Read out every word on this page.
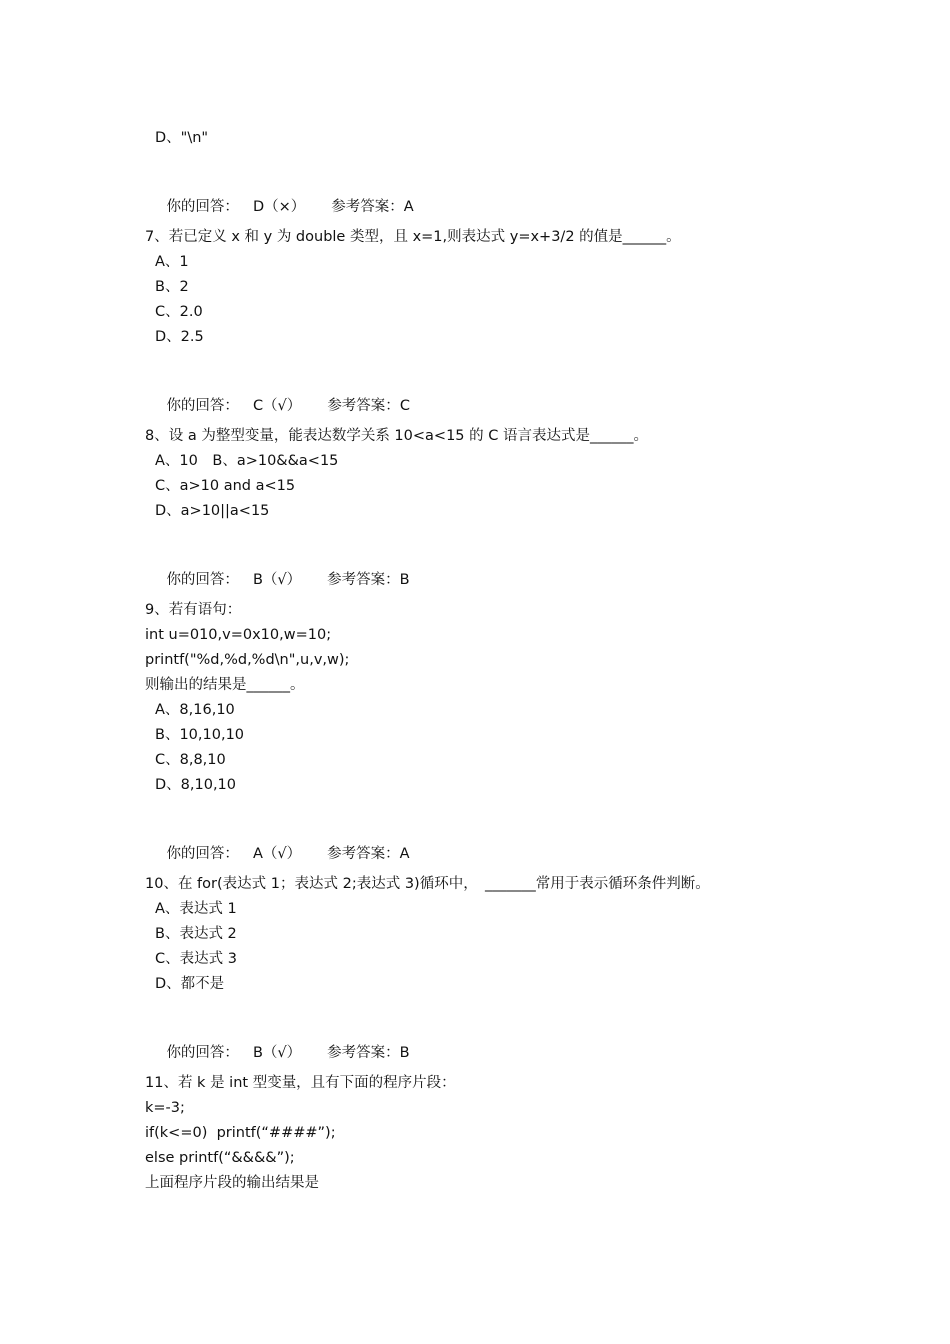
D、"\n"

你的回答： D（×） 参考答案：A

7、若已定义 x 和 y 为 double 类型，且 x=1,则表达式 y=x+3/2 的值是______。
A、1
B、2
C、2.0
D、2.5

你的回答： C（√） 参考答案：C

8、设 a 为整型变量，能表达数学关系 10<a<15 的 C 语言表达式是______。
A、10　B、a>10&&a<15
C、a>10 and a<15
D、a>10||a<15

你的回答： B（√） 参考答案：B

9、若有语句：
int u=010,v=0x10,w=10;
printf("%d,%d,%d\n",u,v,w);
则输出的结果是______。
A、8,16,10
B、10,10,10
C、8,8,10
D、8,10,10

你的回答： A（√） 参考答案：A

10、在 for(表达式 1；表达式 2;表达式 3)循环中，　_______常用于表示循环条件判断。
A、表达式 1
B、表达式 2
C、表达式 3
D、都不是

你的回答： B（√） 参考答案：B

11、若 k 是 int 型变量，且有下面的程序片段：
k=-3;
if(k<=0)  printf(“####”);
else printf(“&&&&”);
上面程序片段的输出结果是
